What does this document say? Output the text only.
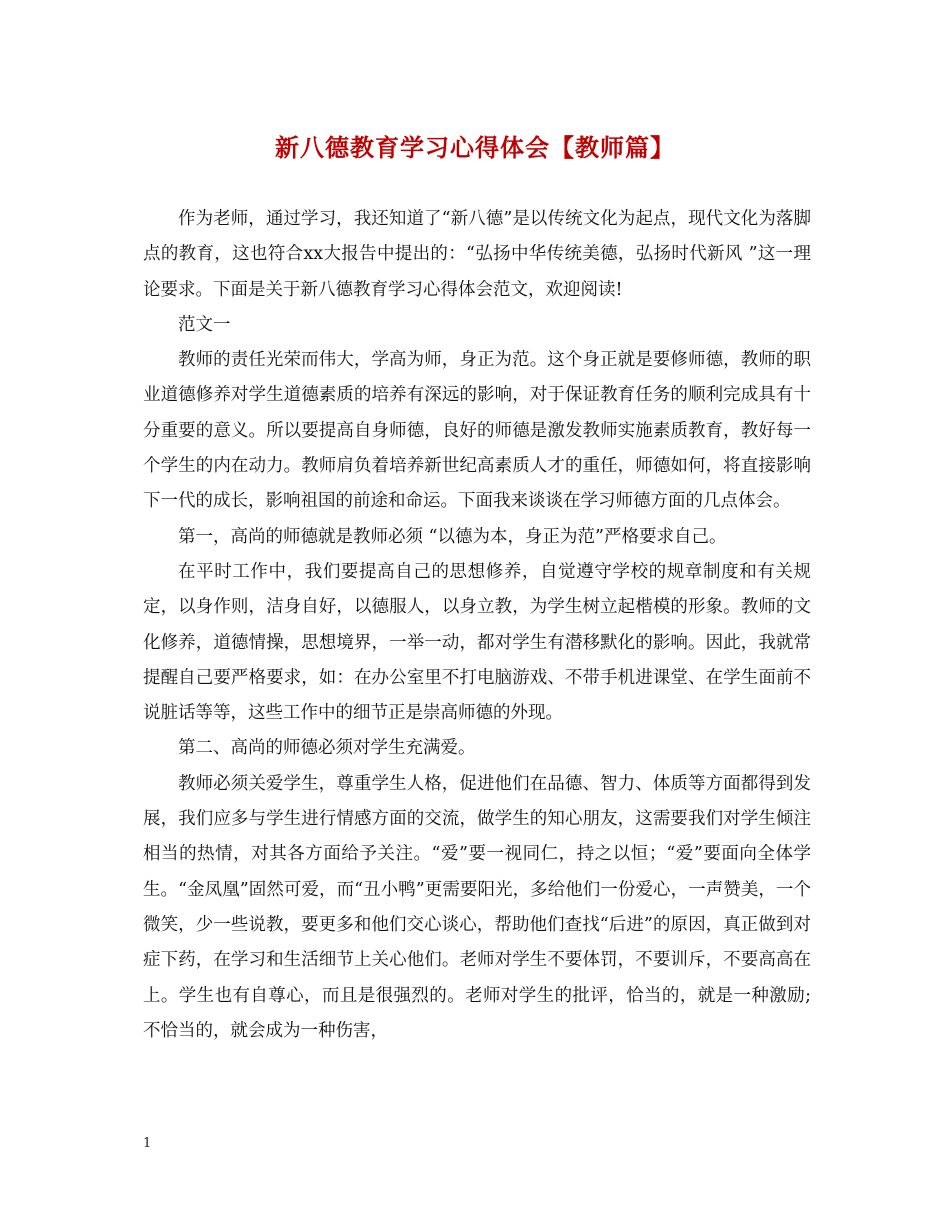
新八德教育学习心得体会【教师篇】

作为老师，通过学习，我还知道了“新八德”是以传统文化为起点，现代文化为落脚点的教育，这也符合xx大报告中提出的：“弘扬中华传统美德，弘扬时代新风 ”这一理论要求。下面是关于新八德教育学习心得体会范文，欢迎阅读!

范文一

教师的责任光荣而伟大，学高为师，身正为范。这个身正就是要修师德，教师的职业道德修养对学生道德素质的培养有深远的影响，对于保证教育任务的顺利完成具有十分重要的意义。所以要提高自身师德，良好的师德是激发教师实施素质教育，教好每一个学生的内在动力。教师肩负着培养新世纪高素质人才的重任，师德如何，将直接影响下一代的成长，影响祖国的前途和命运。下面我来谈谈在学习师德方面的几点体会。

第一，高尚的师德就是教师必须 “以德为本，身正为范”严格要求自己。

在平时工作中，我们要提高自己的思想修养，自觉遵守学校的规章制度和有关规定，以身作则，洁身自好，以德服人，以身立教，为学生树立起楷模的形象。教师的文化修养，道德情操，思想境界，一举一动，都对学生有潜移默化的影响。因此，我就常提醒自己要严格要求，如：在办公室里不打电脑游戏、不带手机进课堂、在学生面前不说脏话等等，这些工作中的细节正是崇高师德的外现。

第二、高尚的师德必须对学生充满爱。

教师必须关爱学生，尊重学生人格，促进他们在品德、智力、体质等方面都得到发展，我们应多与学生进行情感方面的交流，做学生的知心朋友，这需要我们对学生倾注相当的热情，对其各方面给予关注。“爱”要一视同仁，持之以恒；“爱”要面向全体学生。“金凤凰”固然可爱，而“丑小鸭”更需要阳光，多给他们一份爱心，一声赞美，一个微笑，少一些说教，要更多和他们交心谈心，帮助他们查找“后进”的原因，真正做到对症下药，在学习和生活细节上关心他们。老师对学生不要体罚，不要训斥，不要高高在上。学生也有自尊心，而且是很强烈的。老师对学生的批评，恰当的，就是一种激励;不恰当的，就会成为一种伤害，

1
